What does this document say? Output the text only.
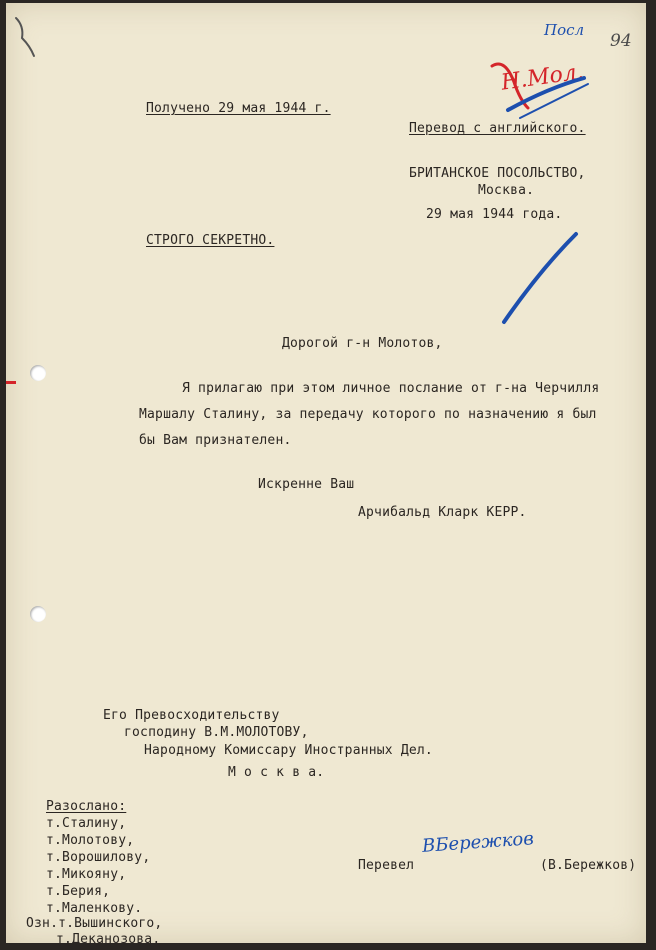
Посл
94
Н.Мол.
Получено 29 мая 1944 г.
Перевод с английского.
БРИТАНСКОЕ ПОСОЛЬСТВО,
Москва.
29 мая 1944 года.
СТРОГО СЕКРЕТНО.
Дорогой г-н Молотов,
Я прилагаю при этом личное послание от г-на Черчилля
Маршалу Сталину, за передачу которого по назначению я был
бы Вам признателен.
Искренне Ваш
Арчибальд Кларк КЕРР.
Его Превосходительству
господину В.М.МОЛОТОВУ,
Народному Комиссару Иностранных Дел.
М о с к в а.
Разослано:
т.Сталину,
т.Молотову,
т.Ворошилову,
т.Микояну,
т.Берия,
т.Маленкову.
Озн.т.Вышинского,
т.Деканозова.
Перевел
ВБережков
(В.Бережков)
